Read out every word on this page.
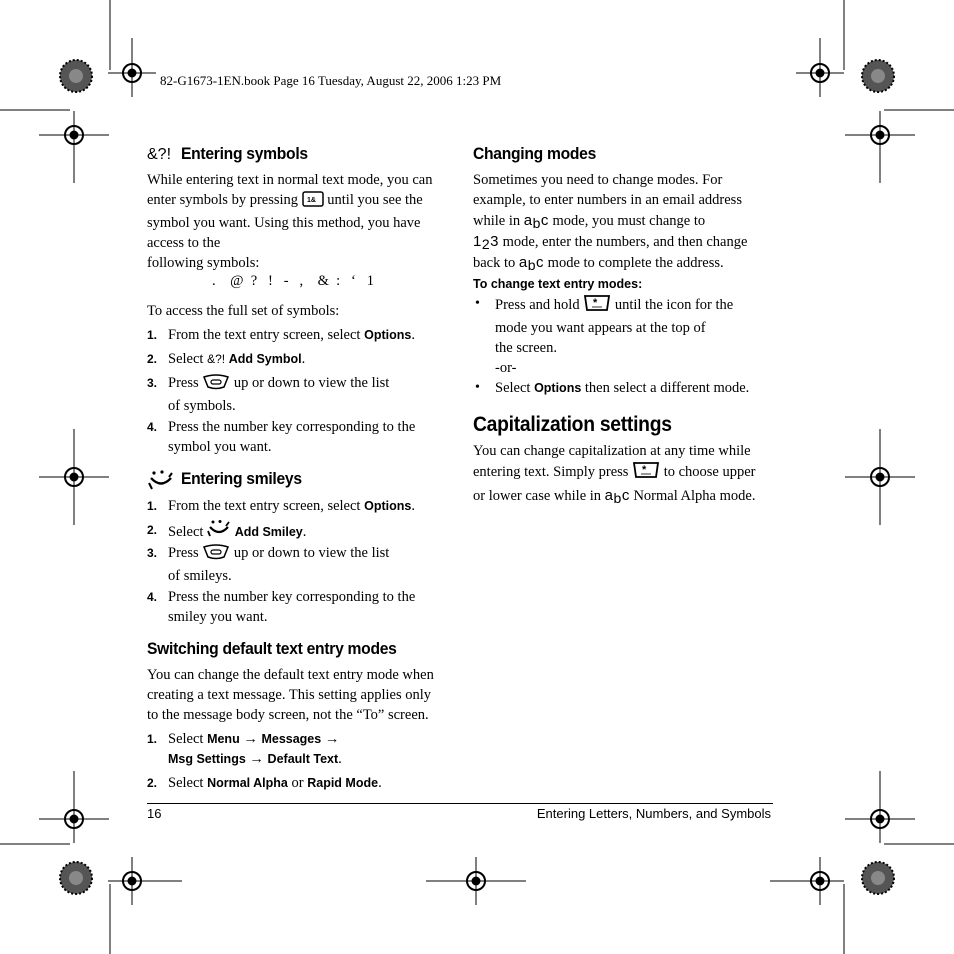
82-G1673-1EN.book Page 16 Tuesday, August 22, 2006 1:23 PM
&?! Entering symbols
While entering text in normal text mode, you can
enter symbols by pressing 1& until you see the
symbol you want. Using this method, you have
access to the
following symbols:
.    @  ?   !   -   ,    &  :   ‘   1
To access the full set of symbols:
1. From the text entry screen, select Options.
2. Select &?! Add Symbol.
3. Press up or down to view the list
of symbols.
4. Press the number key corresponding to the
symbol you want.
Entering smileys
1. From the text entry screen, select Options.
2. Select  Add Smiley.
3. Press up or down to view the list
of smileys.
4. Press the number key corresponding to the
smiley you want.
Switching default text entry modes
You can change the default text entry mode when
creating a text message. This setting applies only
to the message body screen, not the “To” screen.
1. Select Menu → Messages →
Msg Settings → Default Text.
2. Select Normal Alpha or Rapid Mode.
Changing modes
Sometimes you need to change modes. For
example, to enter numbers in an email address
while in abc mode, you must change to
123 mode, enter the numbers, and then change
back to abc mode to complete the address.
To change text entry modes:
• Press and hold * until the icon for the
mode you want appears at the top of
the screen.
-or-
• Select Options then select a different mode.
Capitalization settings
You can change capitalization at any time while
entering text. Simply press * to choose upper
or lower case while in abc Normal Alpha mode.
16	Entering Letters, Numbers, and Symbols
